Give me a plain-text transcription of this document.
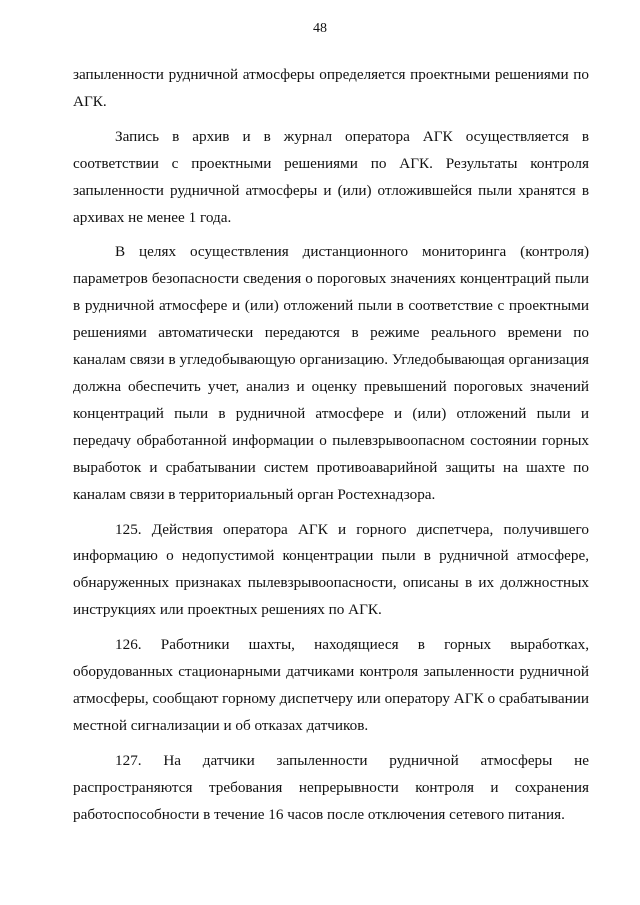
48

запыленности рудничной атмосферы определяется проектными решениями по АГК.

Запись в архив и в журнал оператора АГК осуществляется в соответствии с проектными решениями по АГК. Результаты контроля запыленности рудничной атмосферы и (или) отложившейся пыли хранятся в архивах не менее 1 года.

В целях осуществления дистанционного мониторинга (контроля) параметров безопасности сведения о пороговых значениях концентраций пыли в рудничной атмосфере и (или) отложений пыли в соответствие с проектными решениями автоматически передаются в режиме реального времени по каналам связи в угледобывающую организацию. Угледобывающая организация должна обеспечить учет, анализ и оценку превышений пороговых значений концентраций пыли в рудничной атмосфере и (или) отложений пыли и передачу обработанной информации о пылевзрывоопасном состоянии горных выработок и срабатывании систем противоаварийной защиты на шахте по каналам связи в территориальный орган Ростехнадзора.

125. Действия оператора АГК и горного диспетчера, получившего информацию о недопустимой концентрации пыли в рудничной атмосфере, обнаруженных признаках пылевзрывоопасности, описаны в их должностных инструкциях или проектных решениях по АГК.

126. Работники шахты, находящиеся в горных выработках, оборудованных стационарными датчиками контроля запыленности рудничной атмосферы, сообщают горному диспетчеру или оператору АГК о срабатывании местной сигнализации и об отказах датчиков.

127. На датчики запыленности рудничной атмосферы не распространяются требования непрерывности контроля и сохранения работоспособности в течение 16 часов после отключения сетевого питания.
